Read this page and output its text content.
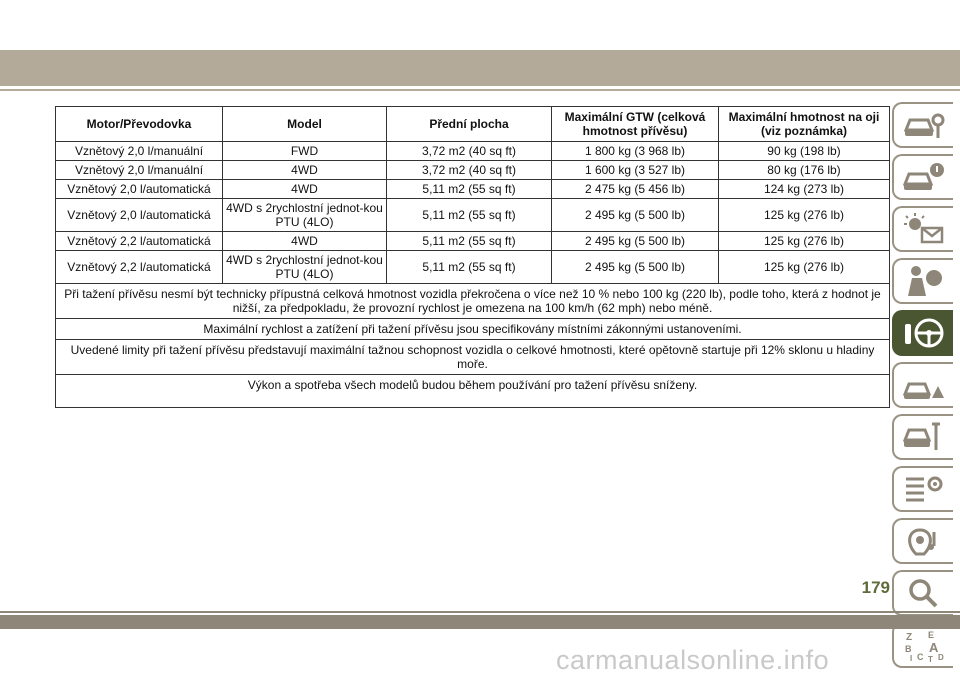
Motor/Převodovka	Model	Přední plocha	Maximální GTW (celková hmotnost přívěsu)	Maximální hmotnost na oji (viz poznámka)
Vznětový 2,0 l/manuální	FWD	3,72 m2 (40 sq ft)	1 800 kg (3 968 lb)	90 kg (198 lb)
Vznětový 2,0 l/manuální	4WD	3,72 m2 (40 sq ft)	1 600 kg (3 527 lb)	80 kg (176 lb)
Vznětový 2,0 l/automatická	4WD	5,11 m2 (55 sq ft)	2 475 kg (5 456 lb)	124 kg (273 lb)
Vznětový 2,0 l/automatická	4WD s 2rychlostní jednot-kou PTU (4LO)	5,11 m2 (55 sq ft)	2 495 kg (5 500 lb)	125 kg (276 lb)
Vznětový 2,2 l/automatická	4WD	5,11 m2 (55 sq ft)	2 495 kg (5 500 lb)	125 kg (276 lb)
Vznětový 2,2 l/automatická	4WD s 2rychlostní jednot-kou PTU (4LO)	5,11 m2 (55 sq ft)	2 495 kg (5 500 lb)	125 kg (276 lb)
Při tažení přívěsu nesmí být technicky přípustná celková hmotnost vozidla překročena o více než 10 % nebo 100 kg (220 lb), podle toho, která z hodnot je nižší, za předpokladu, že provozní rychlost je omezena na 100 km/h (62 mph) nebo méně.				
Maximální rychlost a zatížení při tažení přívěsu jsou specifikovány místními zákonnými ustanoveními.				
Uvedené limity při tažení přívěsu představují maximální tažnou schopnost vozidla o celkové hmotnosti, které opětovně startuje při 12% sklonu u hladiny moře.				
Výkon a spotřeba všech modelů budou během používání pro tažení přívěsu sníženy.				
Z E
B A
C D
I T
179
carmanualsonline.info
